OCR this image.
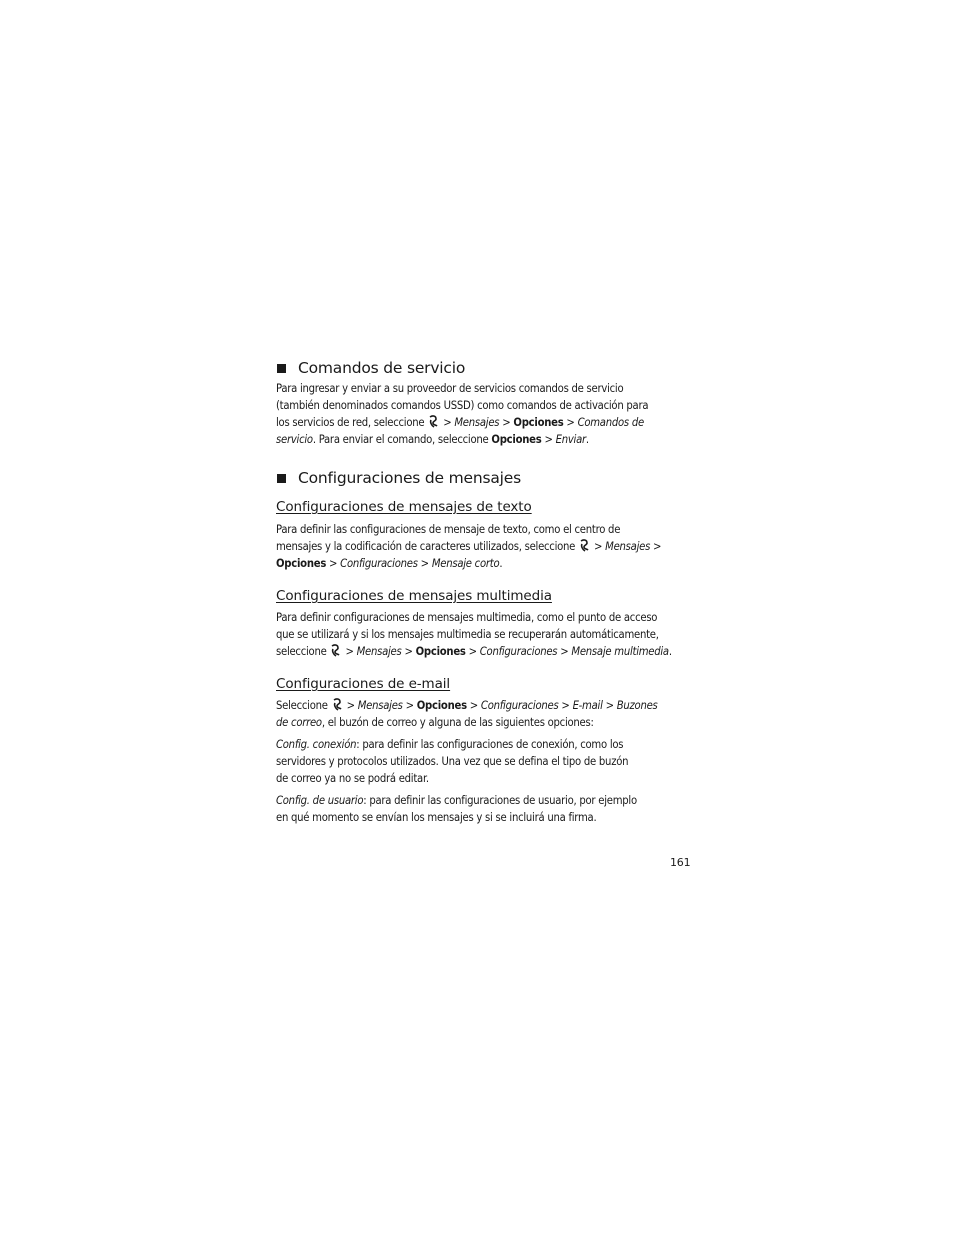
Comandos de servicio

Para ingresar y enviar a su proveedor de servicios comandos de servicio
(también denominados comandos USSD) como comandos de activación para
los servicios de red, seleccione > Mensajes > Opciones > Comandos de
servicio. Para enviar el comando, seleccione Opciones > Enviar.

Configuraciones de mensajes
Configuraciones de mensajes de texto

Para definir las configuraciones de mensaje de texto, como el centro de
mensajes y la codificación de caracteres utilizados, seleccione > Mensajes >
Opciones > Configuraciones > Mensaje corto.

Configuraciones de mensajes multimedia

Para definir configuraciones de mensajes multimedia, como el punto de acceso
que se utilizará y si los mensajes multimedia se recuperarán automáticamente,
seleccione > Mensajes > Opciones > Configuraciones > Mensaje multimedia.

Configuraciones de e-mail

Seleccione > Mensajes > Opciones > Configuraciones > E-mail > Buzones
de correo, el buzón de correo y alguna de las siguientes opciones:

Config. conexión: para definir las configuraciones de conexión, como los
servidores y protocolos utilizados. Una vez que se defina el tipo de buzón
de correo ya no se podrá editar.

Config. de usuario: para definir las configuraciones de usuario, por ejemplo
en qué momento se envían los mensajes y si se incluirá una firma.

161
